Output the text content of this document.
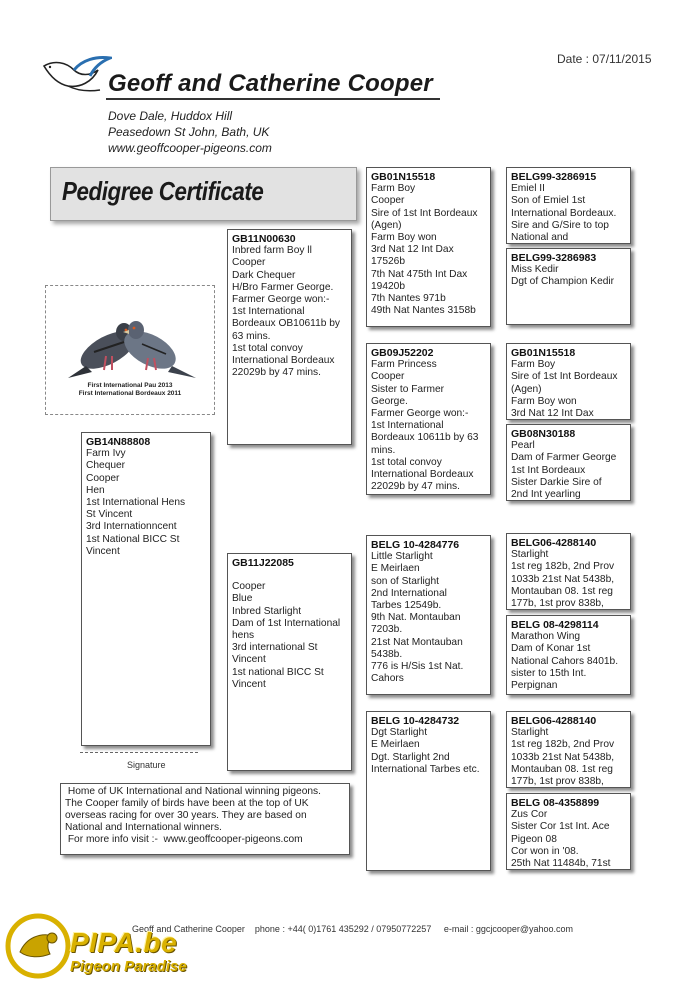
Date : 07/11/2015
Geoff and Catherine Cooper
Dove Dale, Huddox Hill
Peasedown St John, Bath, UK
www.geoffcooper-pigeons.com
Pedigree Certificate
First International Pau 2013
First International Bordeaux 2011
GB14N88808
Farm Ivy
Chequer
Cooper
Hen
1st International Hens
St Vincent
3rd Internationncent
1st National BICC St
Vincent
GB11N00630
Inbred farm Boy ll
Cooper
Dark Chequer
H/Bro Farmer George.
Farmer George won:-
1st International
Bordeaux OB10611b by
63 mins.
1st total convoy
International Bordeaux
22029b by 47 mins.
GB11J22085
Cooper
Blue
Inbred Starlight
Dam of 1st International
hens
3rd international St
Vincent
1st national BICC St
Vincent
GB01N15518
Farm Boy
Cooper
Sire of 1st Int Bordeaux
(Agen)
Farm Boy won
3rd Nat 12 Int Dax
17526b
7th Nat 475th Int Dax
19420b
7th Nantes 971b
49th Nat Nantes 3158b
GB09J52202
Farm Princess
Cooper
Sister to Farmer
George.
Farmer George won:-
1st International
Bordeaux 10611b by 63
mins.
1st total convoy
International Bordeaux
22029b by 47 mins.
BELG 10-4284776
Little Starlight
E Meirlaen
son of Starlight
2nd International
Tarbes 12549b.
9th Nat. Montauban
7203b.
21st Nat Montauban
5438b.
776 is H/Sis 1st Nat.
Cahors
BELG 10-4284732
Dgt Starlight
E Meirlaen
Dgt. Starlight 2nd
International Tarbes etc.
BELG99-3286915
Emiel II
Son of Emiel 1st
International Bordeaux.
Sire and G/Sire to top
National and
BELG99-3286983
Miss Kedir
Dgt of Champion Kedir
GB01N15518
Farm Boy
Sire of 1st Int Bordeaux
(Agen)
Farm Boy won
3rd Nat 12 Int Dax
GB08N30188
Pearl
Dam of Farmer George
1st Int Bordeaux
Sister Darkie Sire of
2nd Int yearling
BELG06-4288140
Starlight
1st reg 182b, 2nd Prov
1033b 21st Nat 5438b,
Montauban 08. 1st reg
177b, 1st prov 838b,
BELG 08-4298114
Marathon Wing
Dam of Konar 1st
National Cahors 8401b.
sister to 15th Int.
Perpignan
BELG06-4288140
Starlight
1st reg 182b, 2nd Prov
1033b 21st Nat 5438b,
Montauban 08. 1st reg
177b, 1st prov 838b,
BELG 08-4358899
Zus Cor
Sister Cor 1st Int. Ace
Pigeon 08
Cor won in '08.
25th Nat 11484b, 71st
Signature
Home of UK International and National winning pigeons.
The Cooper family of birds have been at the top of UK
overseas racing for over 30 years. They are based on
National and International winners.
For more info visit :-  www.geoffcooper-pigeons.com
Geoff and Catherine Cooper    phone : +44( 0)1761 435292 / 07950772257     e-mail : ggcjcooper@yahoo.com
PIPA.be
Pigeon Paradise
